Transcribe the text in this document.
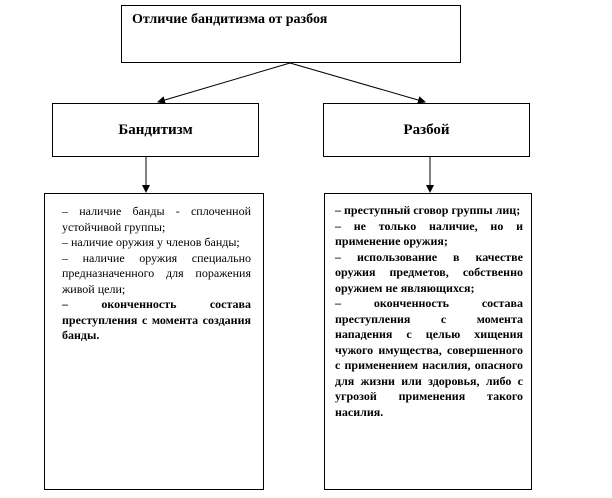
Отличие бандитизма от разбоя
Бандитизм	Разбой

– наличие банды - сплоченной устойчивой группы;

– наличие оружия у членов банды;

– наличие оружия специально предназначенного для поражения живой цели;

– оконченность состава преступления с момента создания банды.

– преступный сговор группы лиц;

– не только наличие, но и применение оружия;

– использование в качестве оружия предметов, собственно оружием не являющихся;

– оконченность состава преступления с момента нападения с целью хищения чужого имущества, совершенного с применением насилия, опасного для жизни или здоровья, либо с угрозой применения такого насилия.
